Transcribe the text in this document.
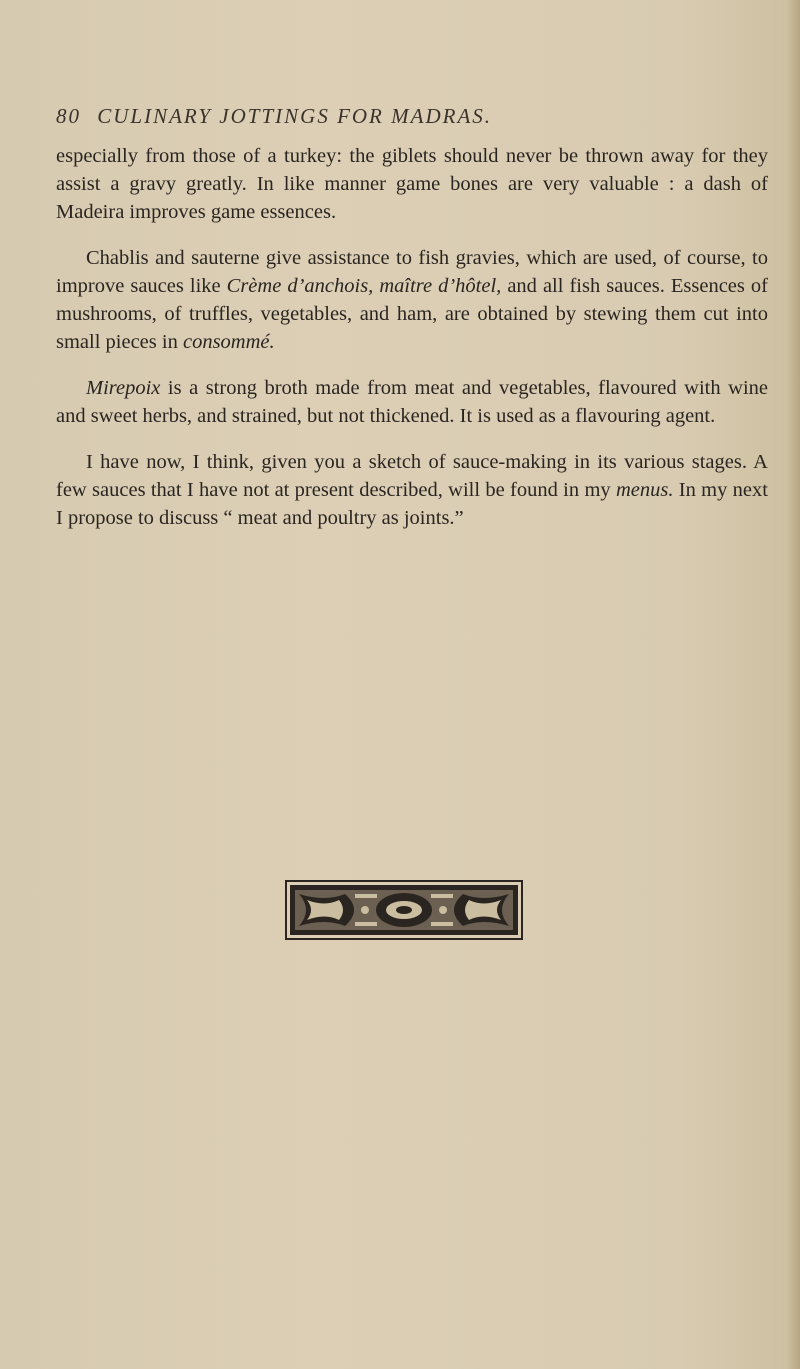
80 CULINARY JOTTINGS FOR MADRAS.

especially from those of a turkey: the giblets should never be thrown away for they assist a gravy greatly. In like manner game bones are very valuable : a dash of Madeira improves game essences.

Chablis and sauterne give assistance to fish gravies, which are used, of course, to improve sauces like Crème d’anchois, maître d’hôtel, and all fish sauces. Essences of mushrooms, of truffles, vegetables, and ham, are obtained by stewing them cut into small pieces in consommé.

Mirepoix is a strong broth made from meat and vegetables, flavoured with wine and sweet herbs, and strained, but not thickened. It is used as a flavouring agent.

I have now, I think, given you a sketch of sauce-making in its various stages. A few sauces that I have not at present described, will be found in my menus. In my next I propose to discuss “ meat and poultry as joints.”
